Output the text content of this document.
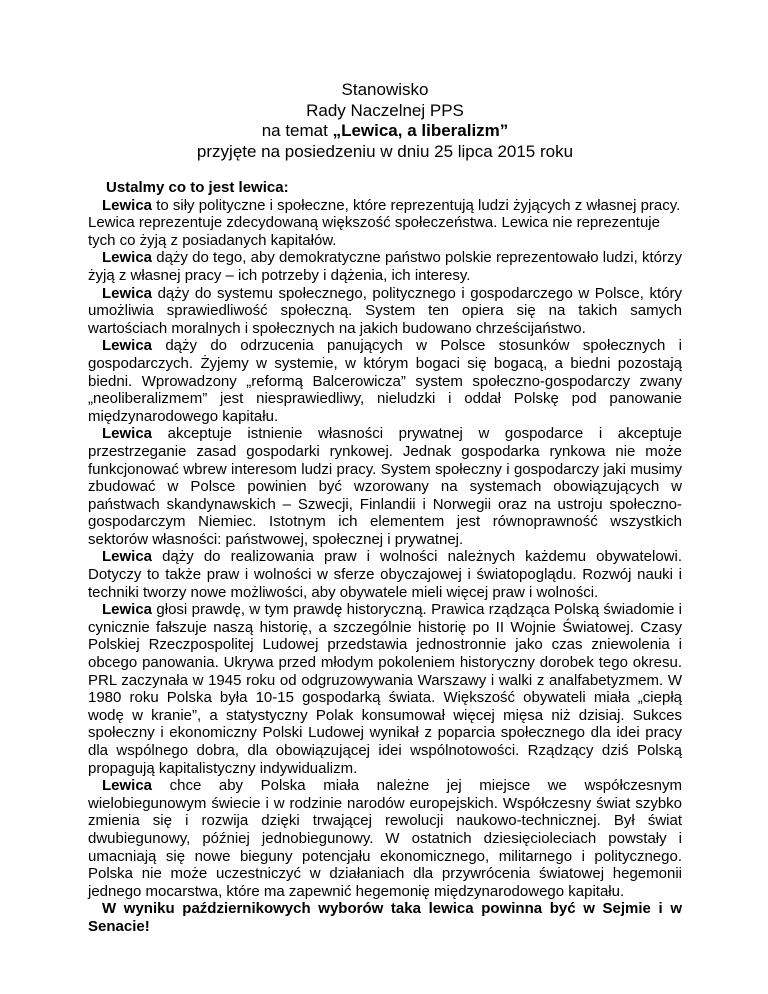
Stanowisko
Rady Naczelnej PPS
na temat „Lewica, a liberalizm”
przyjęte na posiedzeniu w dniu 25 lipca 2015 roku
Ustalmy co to jest lewica:
Lewica to siły polityczne i społeczne, które reprezentują ludzi żyjących z własnej pracy. Lewica reprezentuje zdecydowaną większość społeczeństwa. Lewica nie reprezentuje tych co żyją z posiadanych kapitałów.
Lewica dąży do tego, aby demokratyczne państwo polskie reprezentowało ludzi, którzy żyją z własnej pracy – ich potrzeby i dążenia, ich interesy.
Lewica dąży do systemu społecznego, politycznego i gospodarczego w Polsce, który umożliwia sprawiedliwość społeczną. System ten opiera się na takich samych wartościach moralnych i społecznych na jakich budowano chrześcijaństwo.
Lewica dąży do odrzucenia panujących w Polsce stosunków społecznych i gospodarczych. Żyjemy w systemie, w którym bogaci się bogacą, a biedni pozostają biedni. Wprowadzony „reformą Balcerowicza” system społeczno-gospodarczy zwany „neoliberalizmem” jest niesprawiedliwy, nieludzki i oddał Polskę pod panowanie międzynarodowego kapitału.
Lewica akceptuje istnienie własności prywatnej w gospodarce i akceptuje przestrzeganie zasad gospodarki rynkowej. Jednak gospodarka rynkowa nie może funkcjonować wbrew interesom ludzi pracy. System społeczny i gospodarczy jaki musimy zbudować w Polsce powinien być wzorowany na systemach obowiązujących w państwach skandynawskich – Szwecji, Finlandii i Norwegii oraz na ustroju społeczno-gospodarczym Niemiec. Istotnym ich elementem jest równoprawność wszystkich sektorów własności: państwowej, społecznej i prywatnej.
Lewica dąży do realizowania praw i wolności należnych każdemu obywatelowi. Dotyczy to także praw i wolności w sferze obyczajowej i światopoglądu. Rozwój nauki i techniki tworzy nowe możliwości, aby obywatele mieli więcej praw i wolności.
Lewica głosi prawdę, w tym prawdę historyczną. Prawica rządząca Polską świadomie i cynicznie fałszuje naszą historię, a szczególnie historię po II Wojnie Światowej. Czasy Polskiej Rzeczpospolitej Ludowej przedstawia jednostronnie jako czas zniewolenia i obcego panowania. Ukrywa przed młodym pokoleniem historyczny dorobek tego okresu. PRL zaczynała w 1945 roku od odgruzowywania Warszawy i walki z analfabetyzmem. W 1980 roku Polska była 10-15 gospodarką świata. Większość obywateli miała „ciepłą wodę w kranie”, a statystyczny Polak konsumował więcej mięsa niż dzisiaj. Sukces społeczny i ekonomiczny Polski Ludowej wynikał z poparcia społecznego dla idei pracy dla wspólnego dobra, dla obowiązującej idei wspólnotowości. Rządzący dziś Polską propagują kapitalistyczny indywidualizm.
Lewica chce aby Polska miała należne jej miejsce we współczesnym wielobiegunowym świecie i w rodzinie narodów europejskich. Współczesny świat szybko zmienia się i rozwija dzięki trwającej rewolucji naukowo-technicznej. Był świat dwubiegunowy, później jednobiegunowy. W ostatnich dziesięcioleciach powstały i umacniają się nowe bieguny potencjału ekonomicznego, militarnego i politycznego. Polska nie może uczestniczyć w działaniach dla przywrócenia światowej hegemonii jednego mocarstwa, które ma zapewnić hegemonię międzynarodowego kapitału.
W wyniku październikowych wyborów taka lewica powinna być w Sejmie i w Senacie!
